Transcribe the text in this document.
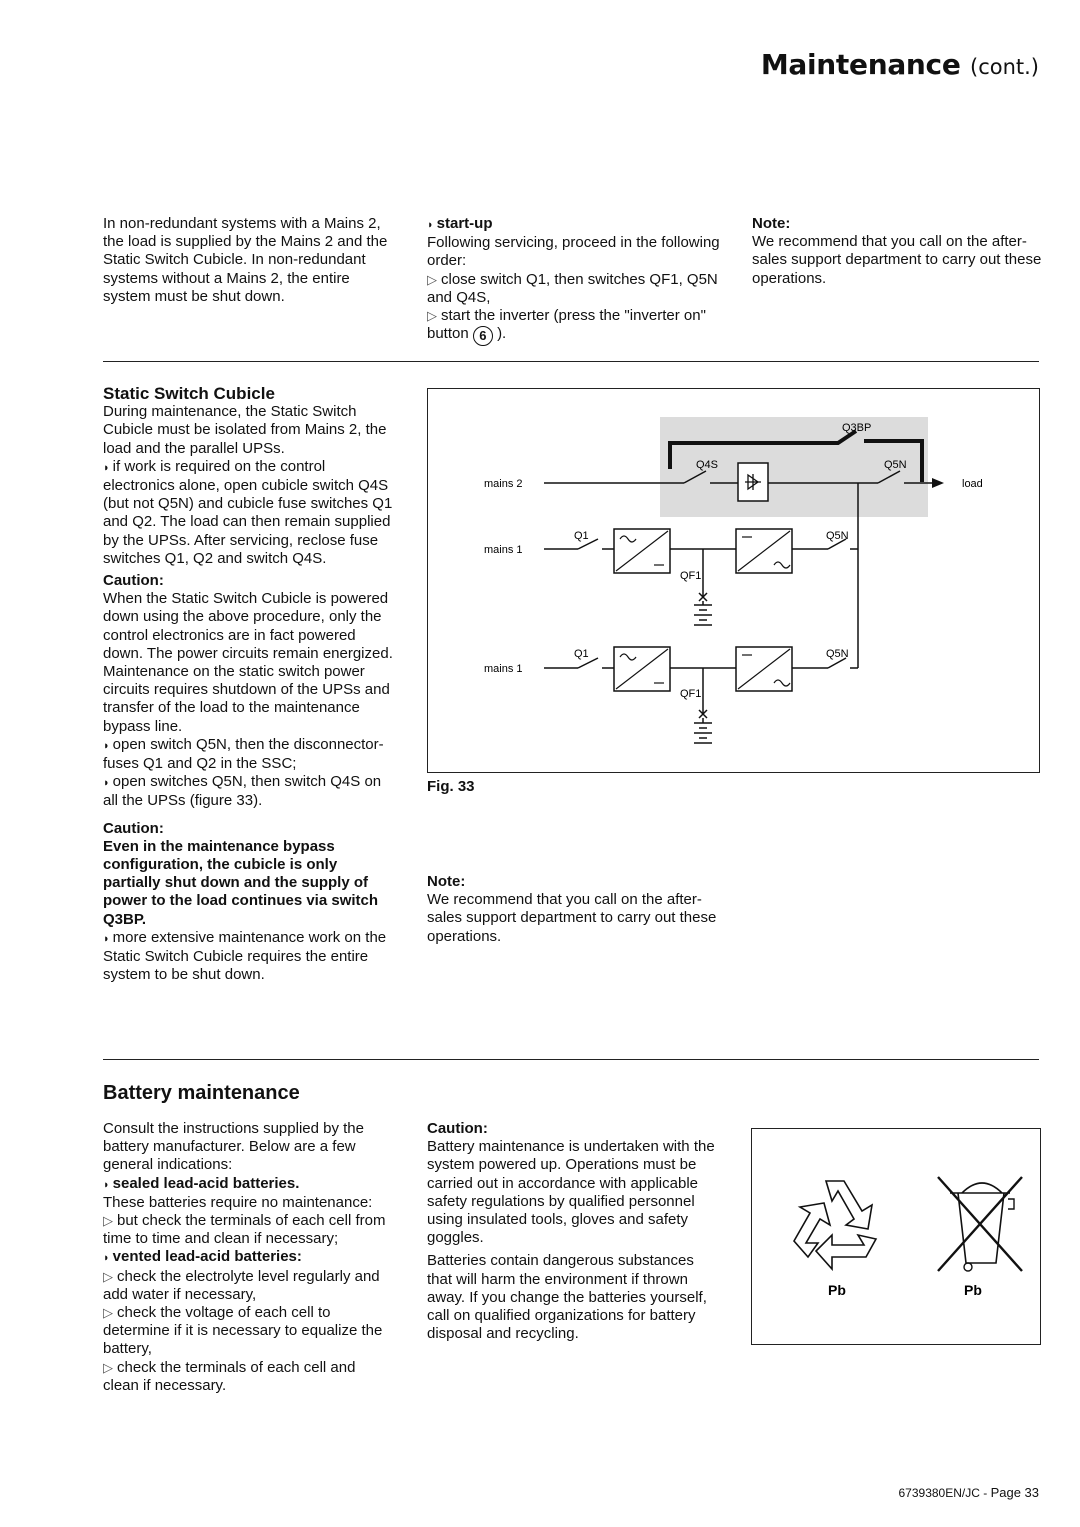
Maintenance (cont.)

In non-redundant systems with a Mains 2, the load is supplied by the Mains 2 and the Static Switch Cubicle. In non-redundant systems without a Mains 2, the entire system must be shut down.

◗ start-up

Following servicing, proceed in the following order:

▷ close switch Q1, then switches QF1, Q5N and Q4S,

▷ start the inverter (press the "inverter on" button 6 ).

Note:

We recommend that you call on the after-sales support department to carry out these operations.

Static Switch Cubicle

During maintenance, the Static Switch Cubicle must be isolated from Mains 2, the load and the parallel UPSs.

◗ if work is required on the control electronics alone, open cubicle switch Q4S (but not Q5N) and cubicle fuse switches Q1 and Q2. The load can then remain supplied by the UPSs. After servicing, reclose fuse switches Q1, Q2 and switch Q4S.

Caution:

When the Static Switch Cubicle is powered down using the above procedure, only the control electronics are in fact powered down. The power circuits remain energized. Maintenance on the static switch power circuits requires shutdown of the UPSs and transfer of the load to the maintenance bypass line.

◗ open switch Q5N, then the disconnector-fuses Q1 and Q2 in the SSC;

◗ open switches Q5N, then switch Q4S on all the UPSs (figure 33).

Caution:

Even in the maintenance bypass configuration, the cubicle is only partially shut down and the supply of power to the load continues via switch Q3BP.

◗ more extensive maintenance work on the Static Switch Cubicle requires the entire system to be shut down.

Q3BP
Q4S	Q5N
mains 2	load
Q1
mains 1
Q5N
QF1
Q1
mains 1
Q5N
QF1
Fig. 33

Note:

We recommend that you call on the after-sales support department to carry out these operations.

Battery maintenance

Consult the instructions supplied by the battery manufacturer. Below are a few general indications:

◗ sealed lead-acid batteries.

These batteries require no maintenance:

▷ but check the terminals of each cell from time to time and clean if necessary;

◗ vented lead-acid batteries:

▷ check the electrolyte level regularly and add water if necessary,

▷ check the voltage of each cell to determine if it is necessary to equalize the battery,

▷ check the terminals of each cell and clean if necessary.

Caution:

Battery maintenance is undertaken with the system powered up. Operations must be carried out in accordance with applicable safety regulations by qualified personnel using insulated tools, gloves and safety goggles.

Batteries contain dangerous substances that will harm the environment if thrown away. If you change the batteries yourself, call on qualified organizations for battery disposal and recycling.

Pb	Pb
6739380EN/JC - Page 33
